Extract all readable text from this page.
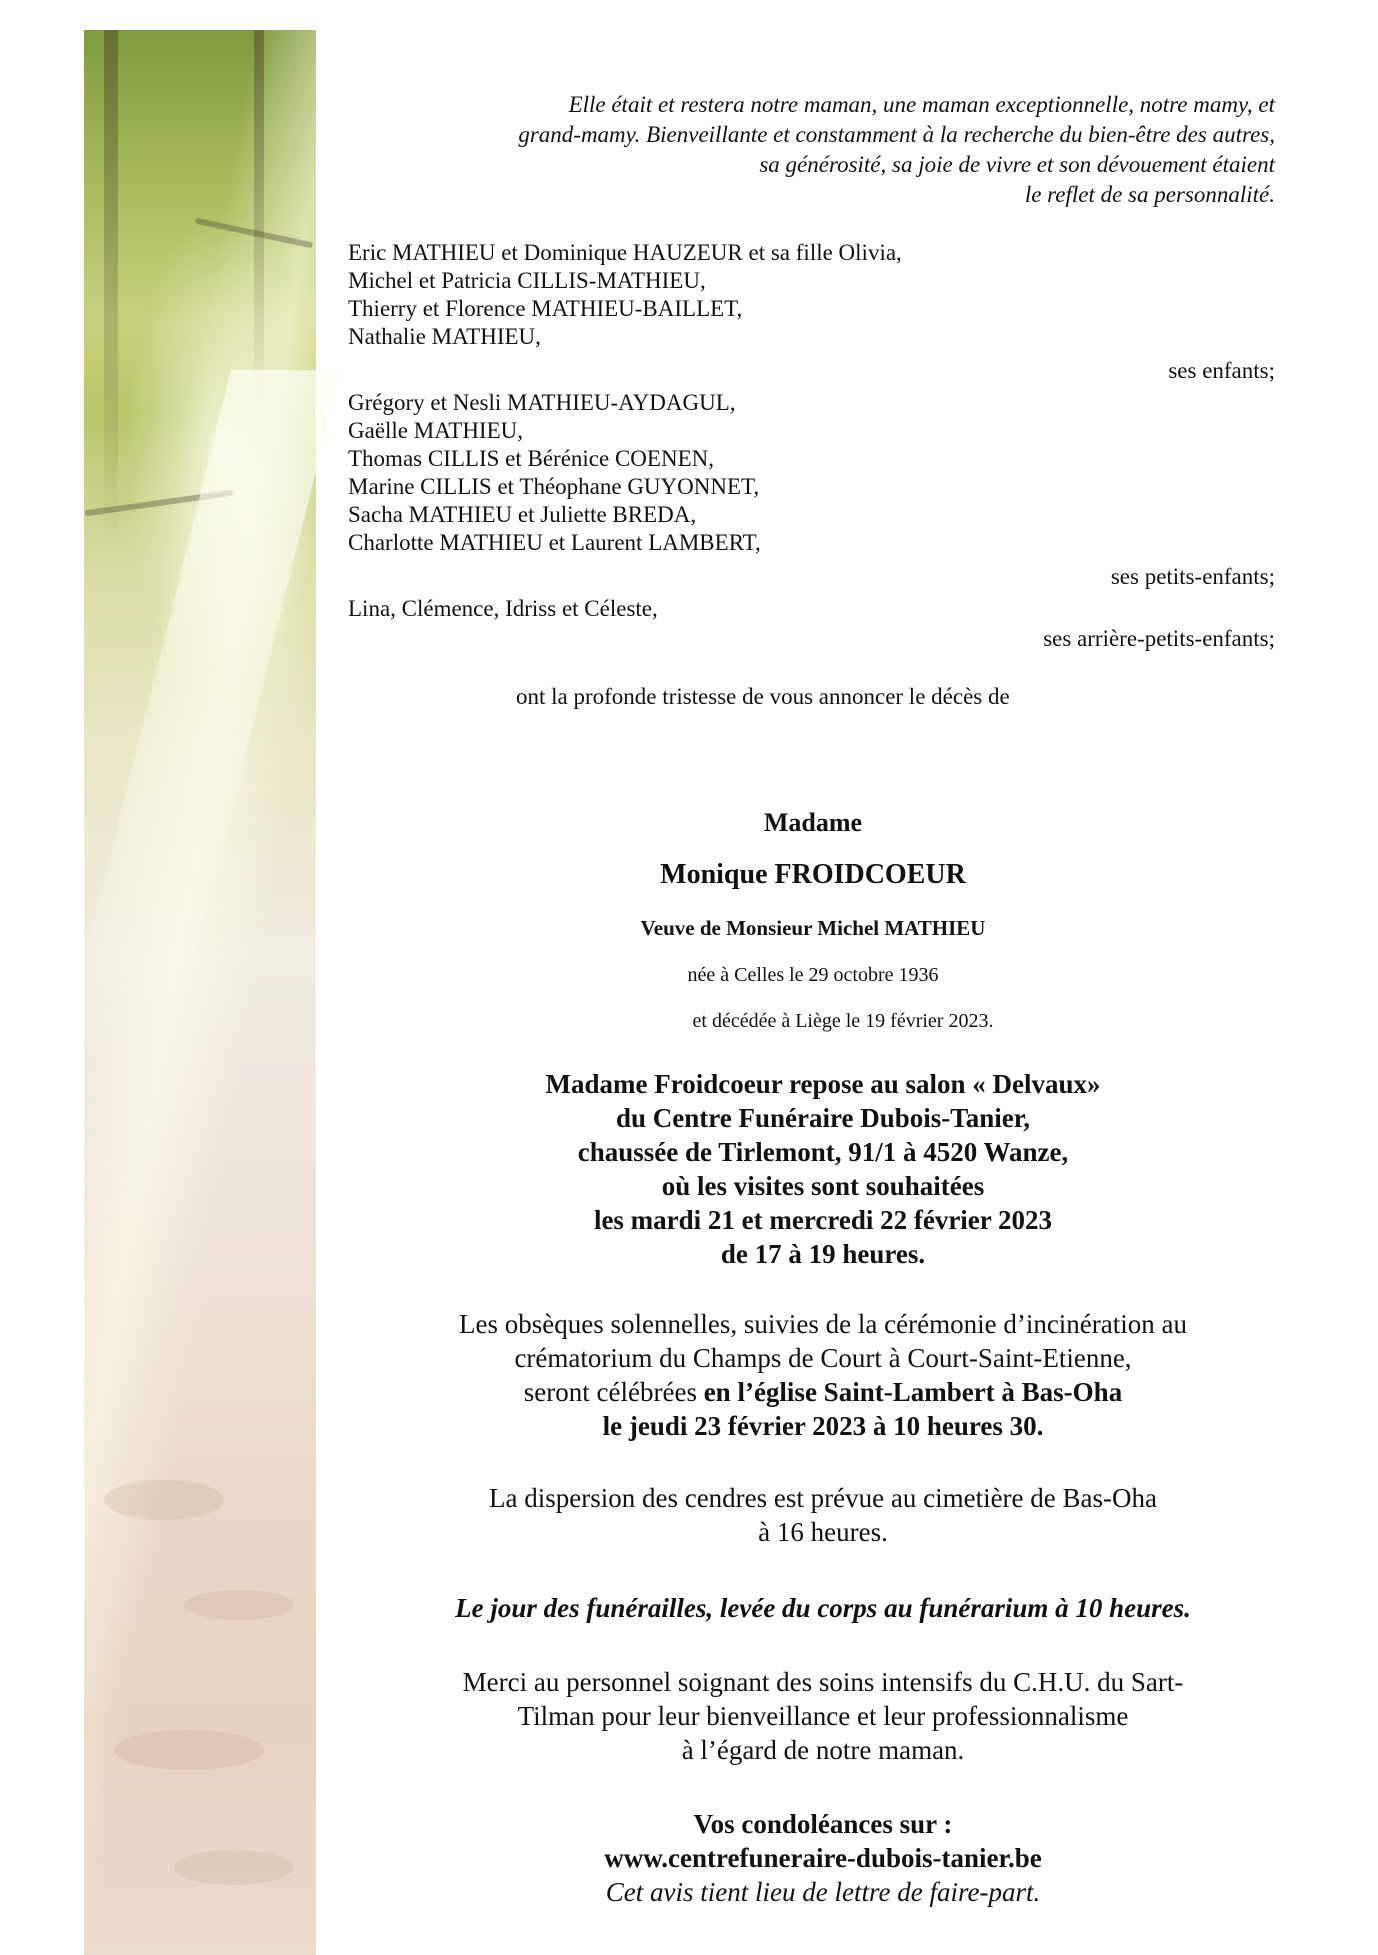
Elle était et restera notre maman, une maman exceptionnelle, notre mamy, et
grand-mamy. Bienveillante et constamment à la recherche du bien-être des autres,
sa générosité, sa joie de vivre et son dévouement étaient
le reflet de sa personnalité.
Eric MATHIEU et Dominique HAUZEUR et sa fille Olivia,
Michel et Patricia CILLIS-MATHIEU,
Thierry et Florence MATHIEU-BAILLET,
Nathalie MATHIEU,
ses enfants;
Grégory et Nesli MATHIEU-AYDAGUL,
Gaëlle MATHIEU,
Thomas CILLIS et Bérénice COENEN,
Marine CILLIS et Théophane GUYONNET,
Sacha MATHIEU et Juliette BREDA,
Charlotte MATHIEU et Laurent LAMBERT,
ses petits-enfants;
Lina, Clémence, Idriss et Céleste,
ses arrière-petits-enfants;
ont la profonde tristesse de vous annoncer le décès de
Madame
Monique FROIDCOEUR
Veuve de Monsieur Michel MATHIEU
née à Celles le 29 octobre 1936
et décédée à Liège le 19 février 2023.
Madame Froidcoeur repose au salon « Delvaux»
du Centre Funéraire Dubois-Tanier,
chaussée de Tirlemont, 91/1 à 4520 Wanze,
où les visites sont souhaitées
les mardi 21 et mercredi 22 février 2023
de 17 à 19 heures.
Les obsèques solennelles, suivies de la cérémonie d’incinération au
crématorium du Champs de Court à Court-Saint-Etienne,
seront célébrées en l’église Saint-Lambert à Bas-Oha
le jeudi 23 février 2023 à 10 heures 30.
La dispersion des cendres est prévue au cimetière de Bas-Oha
à 16 heures.
Le jour des funérailles, levée du corps au funérarium à 10 heures.
Merci au personnel soignant des soins intensifs du C.H.U. du Sart-
Tilman pour leur bienveillance et leur professionnalisme
à l’égard de notre maman.
Vos condoléances sur :
www.centrefuneraire-dubois-tanier.be
Cet avis tient lieu de lettre de faire-part.
